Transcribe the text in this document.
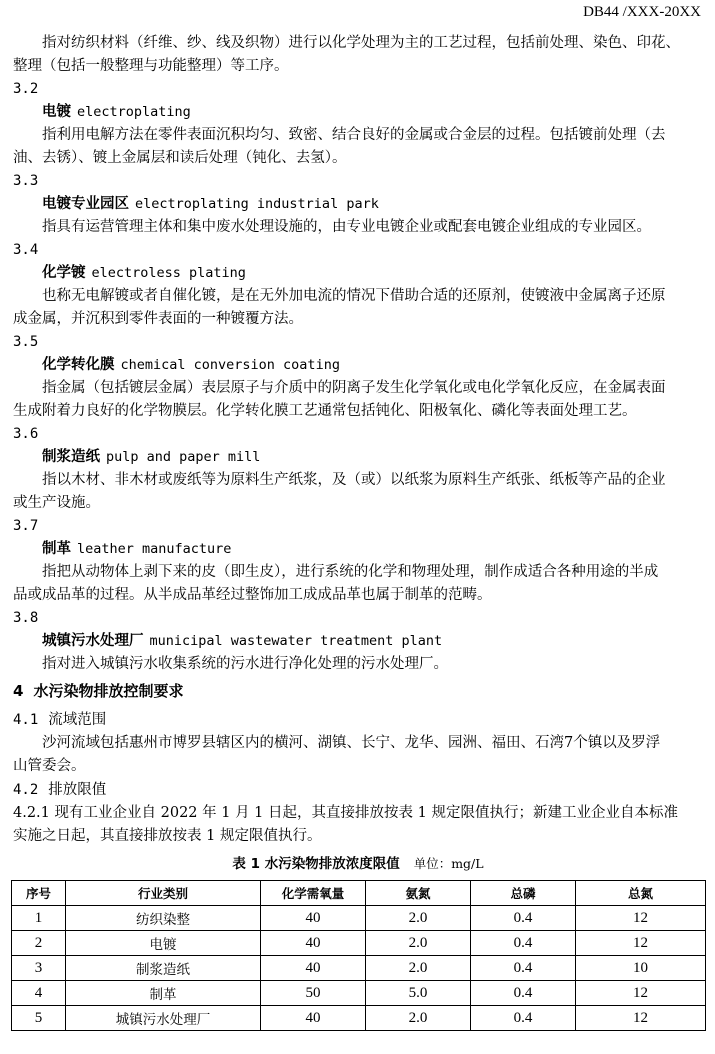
DB44 /XXX-20XX
指对纺织材料（纤维、纱、线及织物）进行以化学处理为主的工艺过程，包括前处理、染色、印花、
整理（包括一般整理与功能整理）等工序。
3.2
电镀 electroplating
指利用电解方法在零件表面沉积均匀、致密、结合良好的金属或合金层的过程。包括镀前处理（去
油、去锈）、镀上金属层和读后处理（钝化、去氢）。
3.3
电镀专业园区 electroplating industrial park
指具有运营管理主体和集中废水处理设施的，由专业电镀企业或配套电镀企业组成的专业园区。
3.4
化学镀 electroless plating
也称无电解镀或者自催化镀，是在无外加电流的情况下借助合适的还原剂，使镀液中金属离子还原
成金属，并沉积到零件表面的一种镀覆方法。
3.5
化学转化膜 chemical conversion coating
指金属（包括镀层金属）表层原子与介质中的阴离子发生化学氧化或电化学氧化反应，在金属表面
生成附着力良好的化学物膜层。化学转化膜工艺通常包括钝化、阳极氧化、磷化等表面处理工艺。
3.6
制浆造纸 pulp and paper mill
指以木材、非木材或废纸等为原料生产纸浆，及（或）以纸浆为原料生产纸张、纸板等产品的企业
或生产设施。
3.7
制革 leather manufacture
指把从动物体上剥下来的皮（即生皮），进行系统的化学和物理处理，制作成适合各种用途的半成
品或成品革的过程。从半成品革经过整饰加工成成品革也属于制革的范畴。
3.8
城镇污水处理厂 municipal wastewater treatment plant
指对进入城镇污水收集系统的污水进行净化处理的污水处理厂。
4 水污染物排放控制要求
4.1 流域范围
沙河流域包括惠州市博罗县辖区内的横河、湖镇、长宁、龙华、园洲、福田、石湾7个镇以及罗浮
山管委会。
4.2 排放限值
4.2.1 现有工业企业自 2022 年 1 月 1 日起，其直接排放按表 1 规定限值执行；新建工业企业自本标准
实施之日起，其直接排放按表 1 规定限值执行。
表 1 水污染物排放浓度限值 单位：mg/L
序号	行业类别	化学需氧量	氨氮	总磷	总氮
1	纺织染整	40	2.0	0.4	12
2	电镀	40	2.0	0.4	12
3	制浆造纸	40	2.0	0.4	10
4	制革	50	5.0	0.4	12
5	城镇污水处理厂	40	2.0	0.4	12
